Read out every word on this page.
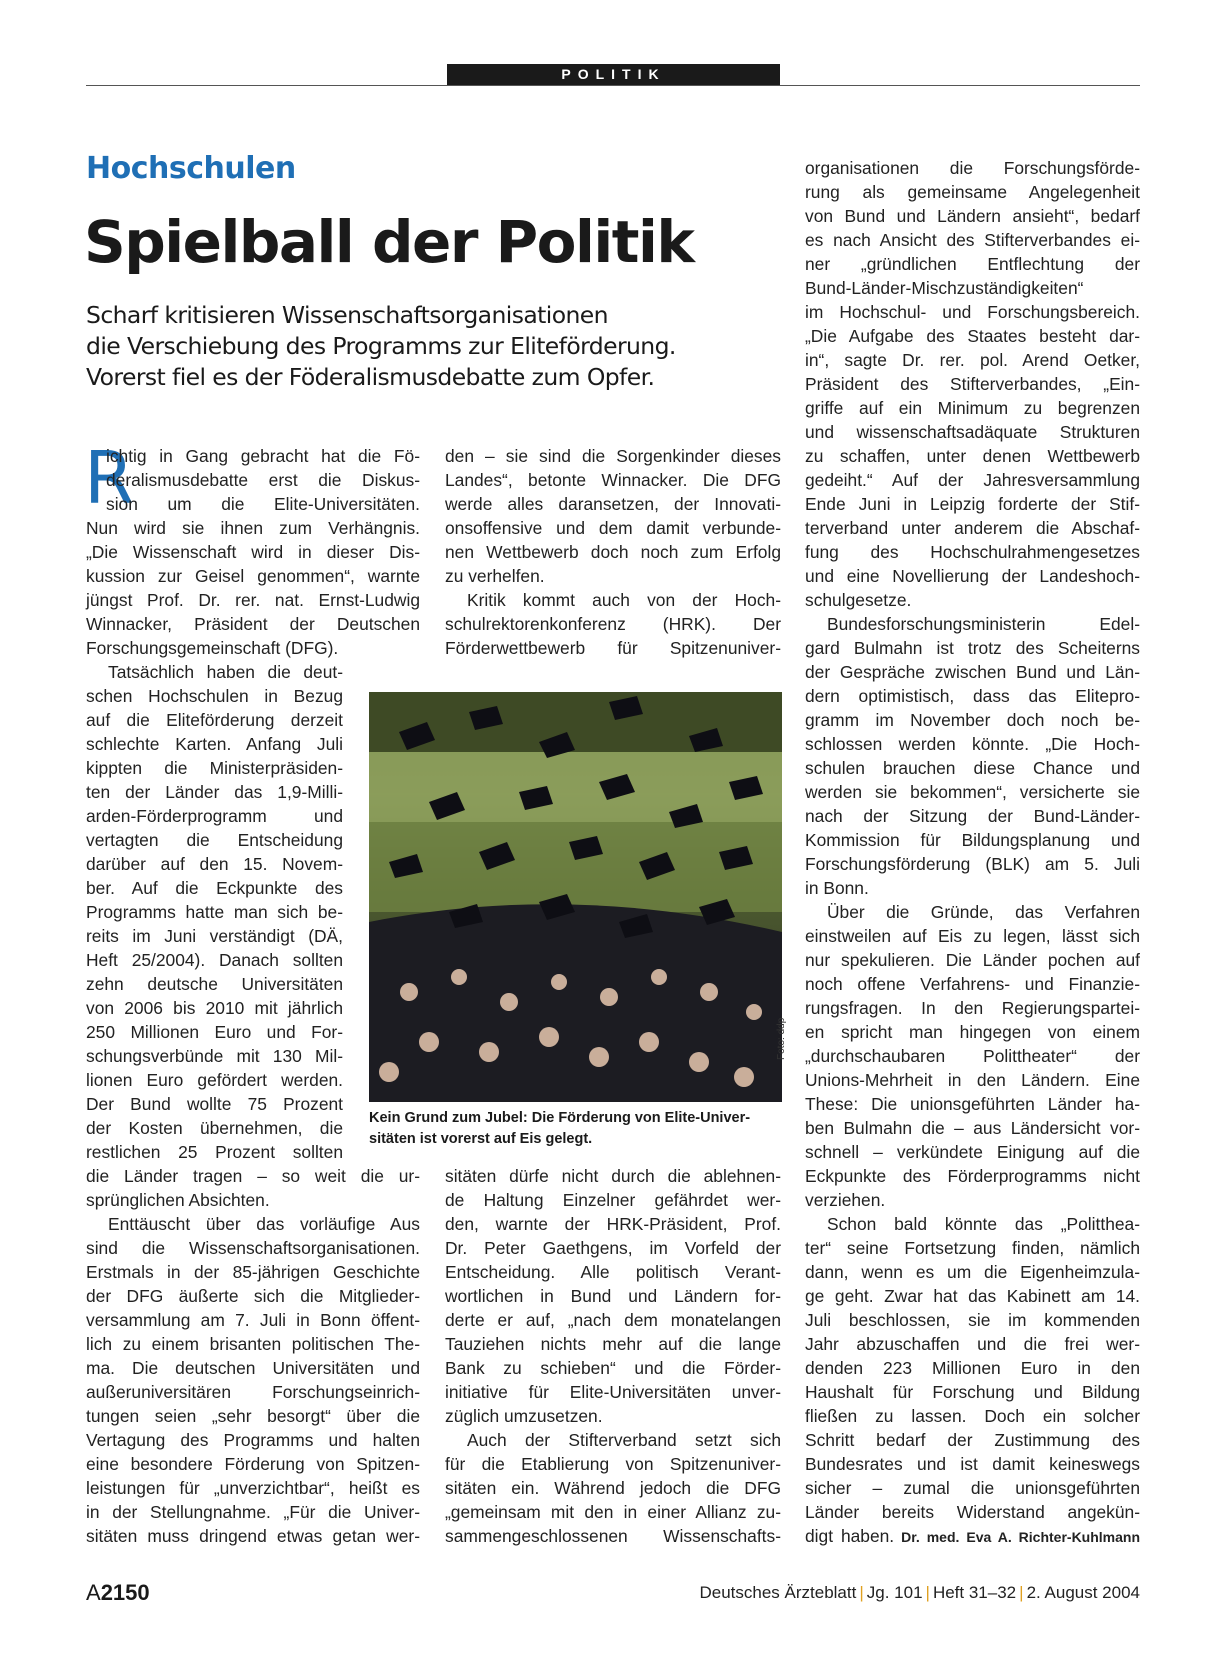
POLITIK
Hochschulen
Spielball der Politik
Scharf kritisieren Wissenschaftsorganisationen
die Verschiebung des Programms zur Eliteförderung.
Vorerst fiel es der Föderalismusdebatte zum Opfer.
R
ichtig in Gang gebracht hat die Fö-
deralismusdebatte erst die Diskus-
sion um die Elite-Universitäten.
Nun wird sie ihnen zum Verhängnis.
„Die Wissenschaft wird in dieser Dis-
kussion zur Geisel genommen“, warnte
jüngst Prof. Dr. rer. nat. Ernst-Ludwig
Winnacker, Präsident der Deutschen
Forschungsgemeinschaft (DFG).
Tatsächlich haben die deut-
schen Hochschulen in Bezug
auf die Eliteförderung derzeit
schlechte Karten. Anfang Juli
kippten die Ministerpräsiden-
ten der Länder das 1,9-Milli-
arden-Förderprogramm und
vertagten die Entscheidung
darüber auf den 15. Novem-
ber. Auf die Eckpunkte des
Programms hatte man sich be-
reits im Juni verständigt (DÄ,
Heft 25/2004). Danach sollten
zehn deutsche Universitäten
von 2006 bis 2010 mit jährlich
250 Millionen Euro und For-
schungsverbünde mit 130 Mil-
lionen Euro gefördert werden.
Der Bund wollte 75 Prozent
der Kosten übernehmen, die
restlichen 25 Prozent sollten
die Länder tragen – so weit die ur-
sprünglichen Absichten.
Enttäuscht über das vorläufige Aus
sind die Wissenschaftsorganisationen.
Erstmals in der 85-jährigen Geschichte
der DFG äußerte sich die Mitglieder-
versammlung am 7. Juli in Bonn öffent-
lich zu einem brisanten politischen The-
ma. Die deutschen Universitäten und
außeruniversitären Forschungseinrich-
tungen seien „sehr besorgt“ über die
Vertagung des Programms und halten
eine besondere Förderung von Spitzen-
leistungen für „unverzichtbar“, heißt es
in der Stellungnahme. „Für die Univer-
sitäten muss dringend etwas getan wer-
den – sie sind die Sorgenkinder dieses
Landes“, betonte Winnacker. Die DFG
werde alles daransetzen, der Innovati-
onsoffensive und dem damit verbunde-
nen Wettbewerb doch noch zum Erfolg
zu verhelfen.
Kritik kommt auch von der Hoch-
schulrektorenkonferenz (HRK). Der
Förderwettbewerb für Spitzenuniver-
Foto: ddp
Kein Grund zum Jubel: Die Förderung von Elite-Univer-
sitäten ist vorerst auf Eis gelegt.
sitäten dürfe nicht durch die ablehnen-
de Haltung Einzelner gefährdet wer-
den, warnte der HRK-Präsident, Prof.
Dr. Peter Gaethgens, im Vorfeld der
Entscheidung. Alle politisch Verant-
wortlichen in Bund und Ländern for-
derte er auf, „nach dem monatelangen
Tauziehen nichts mehr auf die lange
Bank zu schieben“ und die Förder-
initiative für Elite-Universitäten unver-
züglich umzusetzen.
Auch der Stifterverband setzt sich
für die Etablierung von Spitzenuniver-
sitäten ein. Während jedoch die DFG
„gemeinsam mit den in einer Allianz zu-
sammengeschlossenen Wissenschafts-
organisationen die Forschungsförde-
rung als gemeinsame Angelegenheit
von Bund und Ländern ansieht“, bedarf
es nach Ansicht des Stifterverbandes ei-
ner „gründlichen Entflechtung der
Bund-Länder-Mischzuständigkeiten“
im Hochschul- und Forschungsbereich.
„Die Aufgabe des Staates besteht dar-
in“, sagte Dr. rer. pol. Arend Oetker,
Präsident des Stifterverbandes, „Ein-
griffe auf ein Minimum zu begrenzen
und wissenschaftsadäquate Strukturen
zu schaffen, unter denen Wettbewerb
gedeiht.“ Auf der Jahresversammlung
Ende Juni in Leipzig forderte der Stif-
terverband unter anderem die Abschaf-
fung des Hochschulrahmengesetzes
und eine Novellierung der Landeshoch-
schulgesetze.
Bundesforschungsministerin Edel-
gard Bulmahn ist trotz des Scheiterns
der Gespräche zwischen Bund und Län-
dern optimistisch, dass das Elitepro-
gramm im November doch noch be-
schlossen werden könnte. „Die Hoch-
schulen brauchen diese Chance und
werden sie bekommen“, versicherte sie
nach der Sitzung der Bund-Länder-
Kommission für Bildungsplanung und
Forschungsförderung (BLK) am 5. Juli
in Bonn.
Über die Gründe, das Verfahren
einstweilen auf Eis zu legen, lässt sich
nur spekulieren. Die Länder pochen auf
noch offene Verfahrens- und Finanzie-
rungsfragen. In den Regierungspartei-
en spricht man hingegen von einem
„durchschaubaren Polittheater“ der
Unions-Mehrheit in den Ländern. Eine
These: Die unionsgeführten Länder ha-
ben Bulmahn die – aus Ländersicht vor-
schnell – verkündete Einigung auf die
Eckpunkte des Förderprogramms nicht
verziehen.
Schon bald könnte das „Polittheа-
ter“ seine Fortsetzung finden, nämlich
dann, wenn es um die Eigenheimzula-
ge geht. Zwar hat das Kabinett am 14.
Juli beschlossen, sie im kommenden
Jahr abzuschaffen und die frei wer-
denden 223 Millionen Euro in den
Haushalt für Forschung und Bildung
fließen zu lassen. Doch ein solcher
Schritt bedarf der Zustimmung des
Bundesrates und ist damit keineswegs
sicher – zumal die unionsgeführten
Länder bereits Widerstand angekün-
digt haben. Dr. med. Eva A. Richter-Kuhlmann
A2150	Deutsches Ärzteblatt | Jg. 101 | Heft 31–32 | 2. August 2004
